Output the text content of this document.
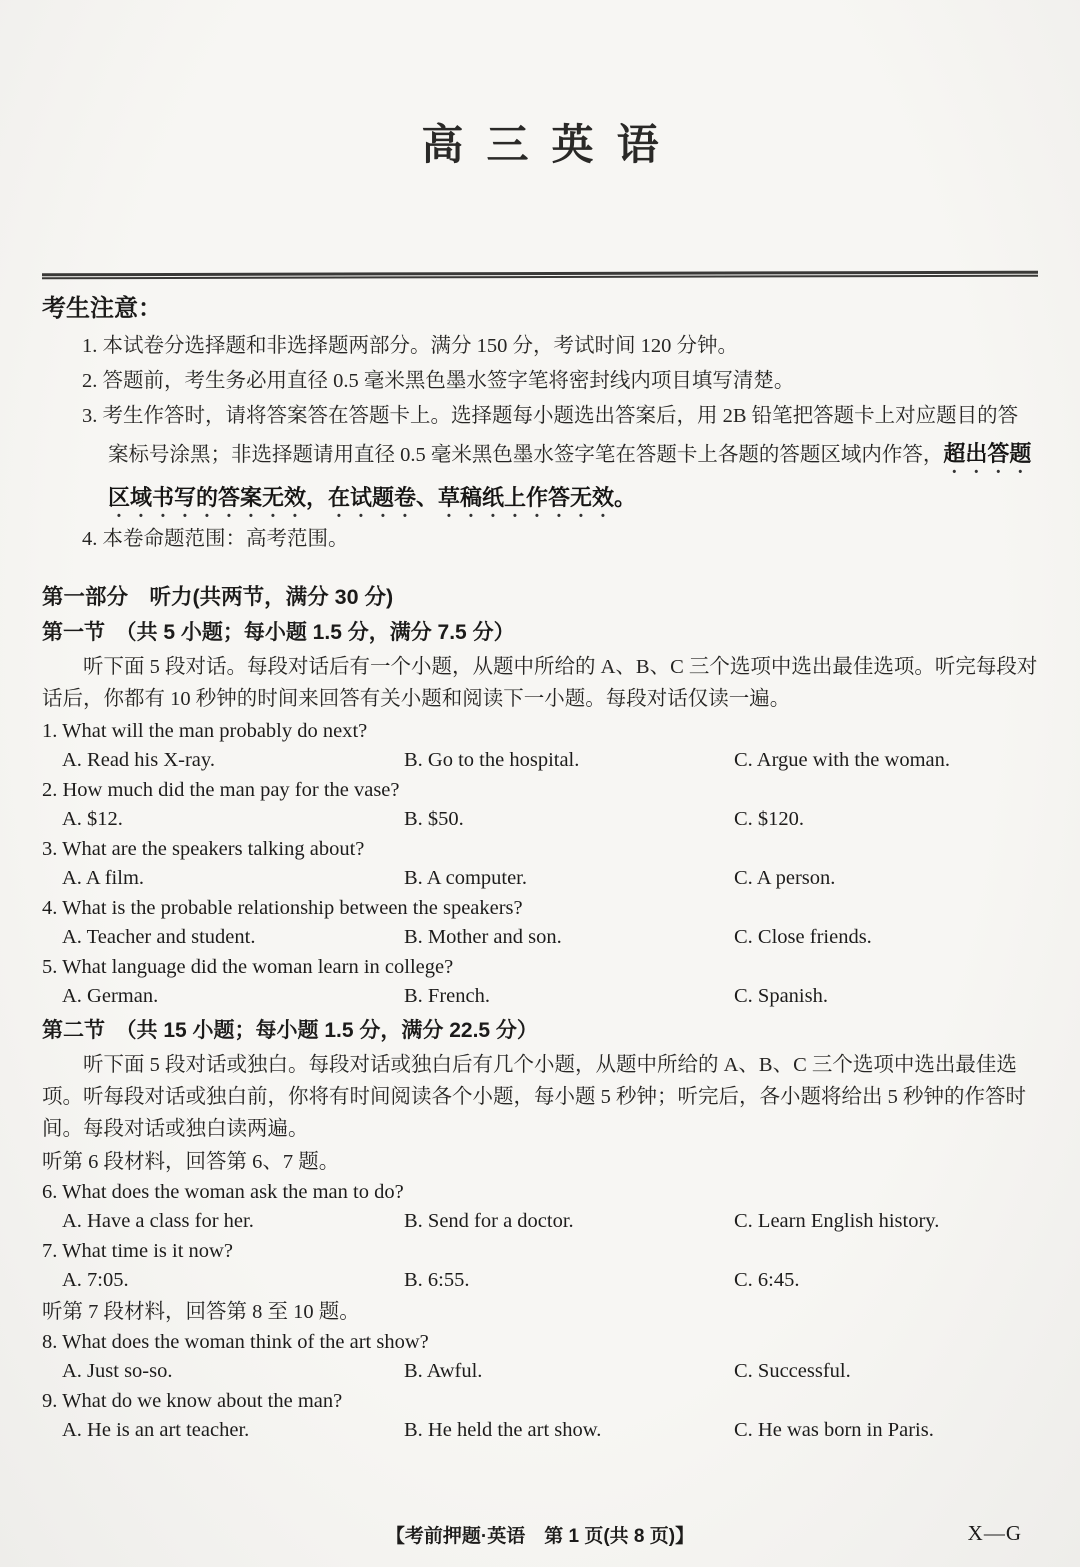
高三英语
考生注意：
1. 本试卷分选择题和非选择题两部分。满分 150 分，考试时间 120 分钟。
2. 答题前，考生务必用直径 0.5 毫米黑色墨水签字笔将密封线内项目填写清楚。
3. 考生作答时，请将答案答在答题卡上。选择题每小题选出答案后，用 2B 铅笔把答题卡上对应题目的答案标号涂黑；非选择题请用直径 0.5 毫米黑色墨水签字笔在答题卡上各题的答题区域内作答，超出答题区域书写的答案无效，在试题卷、草稿纸上作答无效。
4. 本卷命题范围：高考范围。
第一部分　听力(共两节，满分 30 分)
第一节　（共 5 小题；每小题 1.5 分，满分 7.5 分）
听下面 5 段对话。每段对话后有一个小题，从题中所给的 A、B、C 三个选项中选出最佳选项。听完每段对话后，你都有 10 秒钟的时间来回答有关小题和阅读下一小题。每段对话仅读一遍。
1. What will the man probably do next?
A. Read his X-ray.	B. Go to the hospital.	C. Argue with the woman.
2. How much did the man pay for the vase?
A. $12.	B. $50.	C. $120.
3. What are the speakers talking about?
A. A film.	B. A computer.	C. A person.
4. What is the probable relationship between the speakers?
A. Teacher and student.	B. Mother and son.	C. Close friends.
5. What language did the woman learn in college?
A. German.	B. French.	C. Spanish.
第二节　（共 15 小题；每小题 1.5 分，满分 22.5 分）
听下面 5 段对话或独白。每段对话或独白后有几个小题，从题中所给的 A、B、C 三个选项中选出最佳选项。听每段对话或独白前，你将有时间阅读各个小题，每小题 5 秒钟；听完后，各小题将给出 5 秒钟的作答时间。每段对话或独白读两遍。
听第 6 段材料，回答第 6、7 题。
6. What does the woman ask the man to do?
A. Have a class for her.	B. Send for a doctor.	C. Learn English history.
7. What time is it now?
A. 7:05.	B. 6:55.	C. 6:45.
听第 7 段材料，回答第 8 至 10 题。
8. What does the woman think of the art show?
A. Just so-so.	B. Awful.	C. Successful.
9. What do we know about the man?
A. He is an art teacher.	B. He held the art show.	C. He was born in Paris.
【考前押题·英语　第 1 页(共 8 页)】	X—G
